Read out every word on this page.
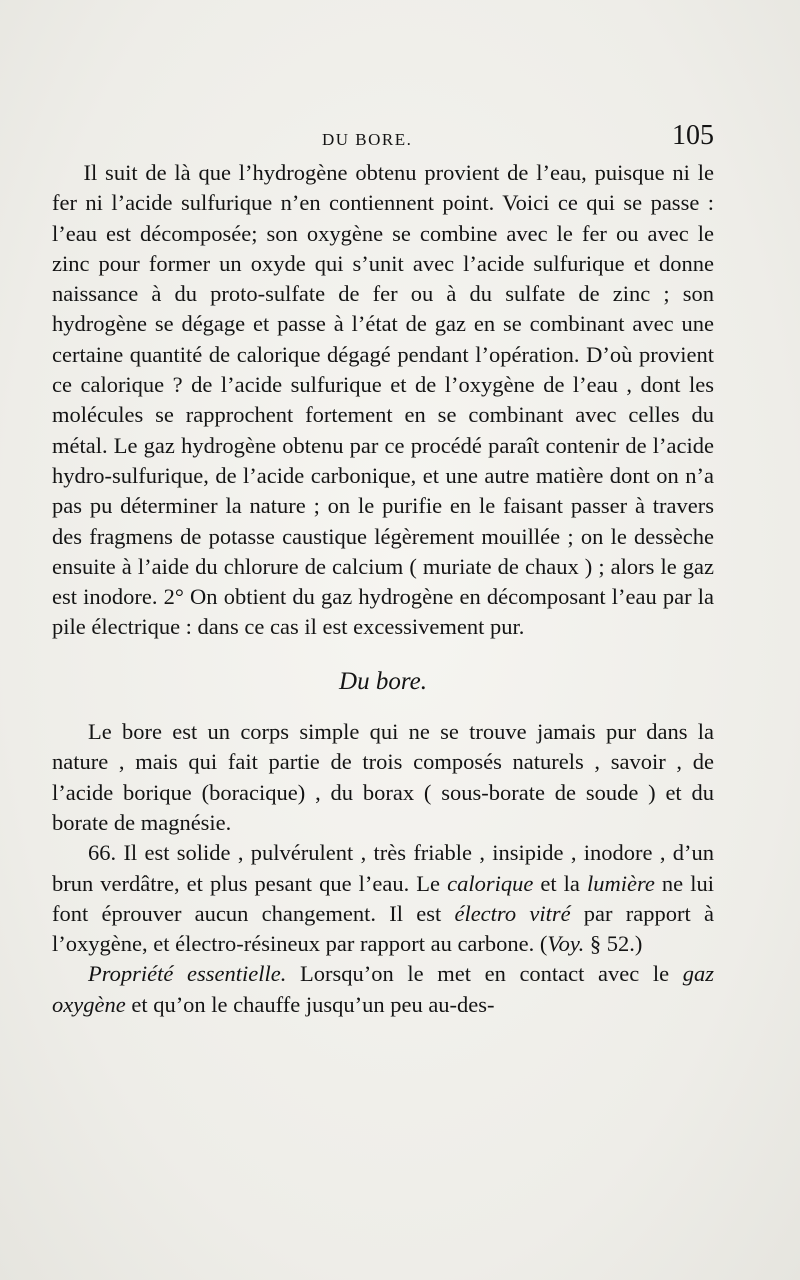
DU BORE.	105

Il suit de là que l’hydrogène obtenu provient de l’eau, puisque ni le fer ni l’acide sulfurique n’en contiennent point. Voici ce qui se passe : l’eau est décomposée; son oxygène se combine avec le fer ou avec le zinc pour former un oxyde qui s’unit avec l’acide sulfurique et donne naissance à du proto-sulfate de fer ou à du sulfate de zinc ; son hydrogène se dégage et passe à l’état de gaz en se combinant avec une certaine quantité de calorique dégagé pendant l’opération. D’où provient ce calorique ? de l’acide sulfurique et de l’oxygène de l’eau , dont les molécules se rapprochent fortement en se combinant avec celles du métal. Le gaz hydrogène obtenu par ce procédé paraît contenir de l’acide hydro-sulfurique, de l’acide carbonique, et une autre matière dont on n’a pas pu déterminer la nature ; on le purifie en le faisant passer à travers des fragmens de potasse caustique légèrement mouillée ; on le dessèche ensuite à l’aide du chlorure de calcium ( muriate de chaux ) ; alors le gaz est inodore. 2° On obtient du gaz hydrogène en décomposant l’eau par la pile électrique : dans ce cas il est excessivement pur.

Du bore.

Le bore est un corps simple qui ne se trouve jamais pur dans la nature , mais qui fait partie de trois composés naturels , savoir , de l’acide borique (boracique) , du borax ( sous-borate de soude ) et du borate de magnésie.

66. Il est solide , pulvérulent , très friable , insipide , inodore , d’un brun verdâtre, et plus pesant que l’eau. Le calorique et la lumière ne lui font éprouver aucun changement. Il est électro vitré par rapport à l’oxygène, et électro-résineux par rapport au carbone. (Voy. § 52.)

Propriété essentielle. Lorsqu’on le met en contact avec le gaz oxygène et qu’on le chauffe jusqu’un peu au-des-
